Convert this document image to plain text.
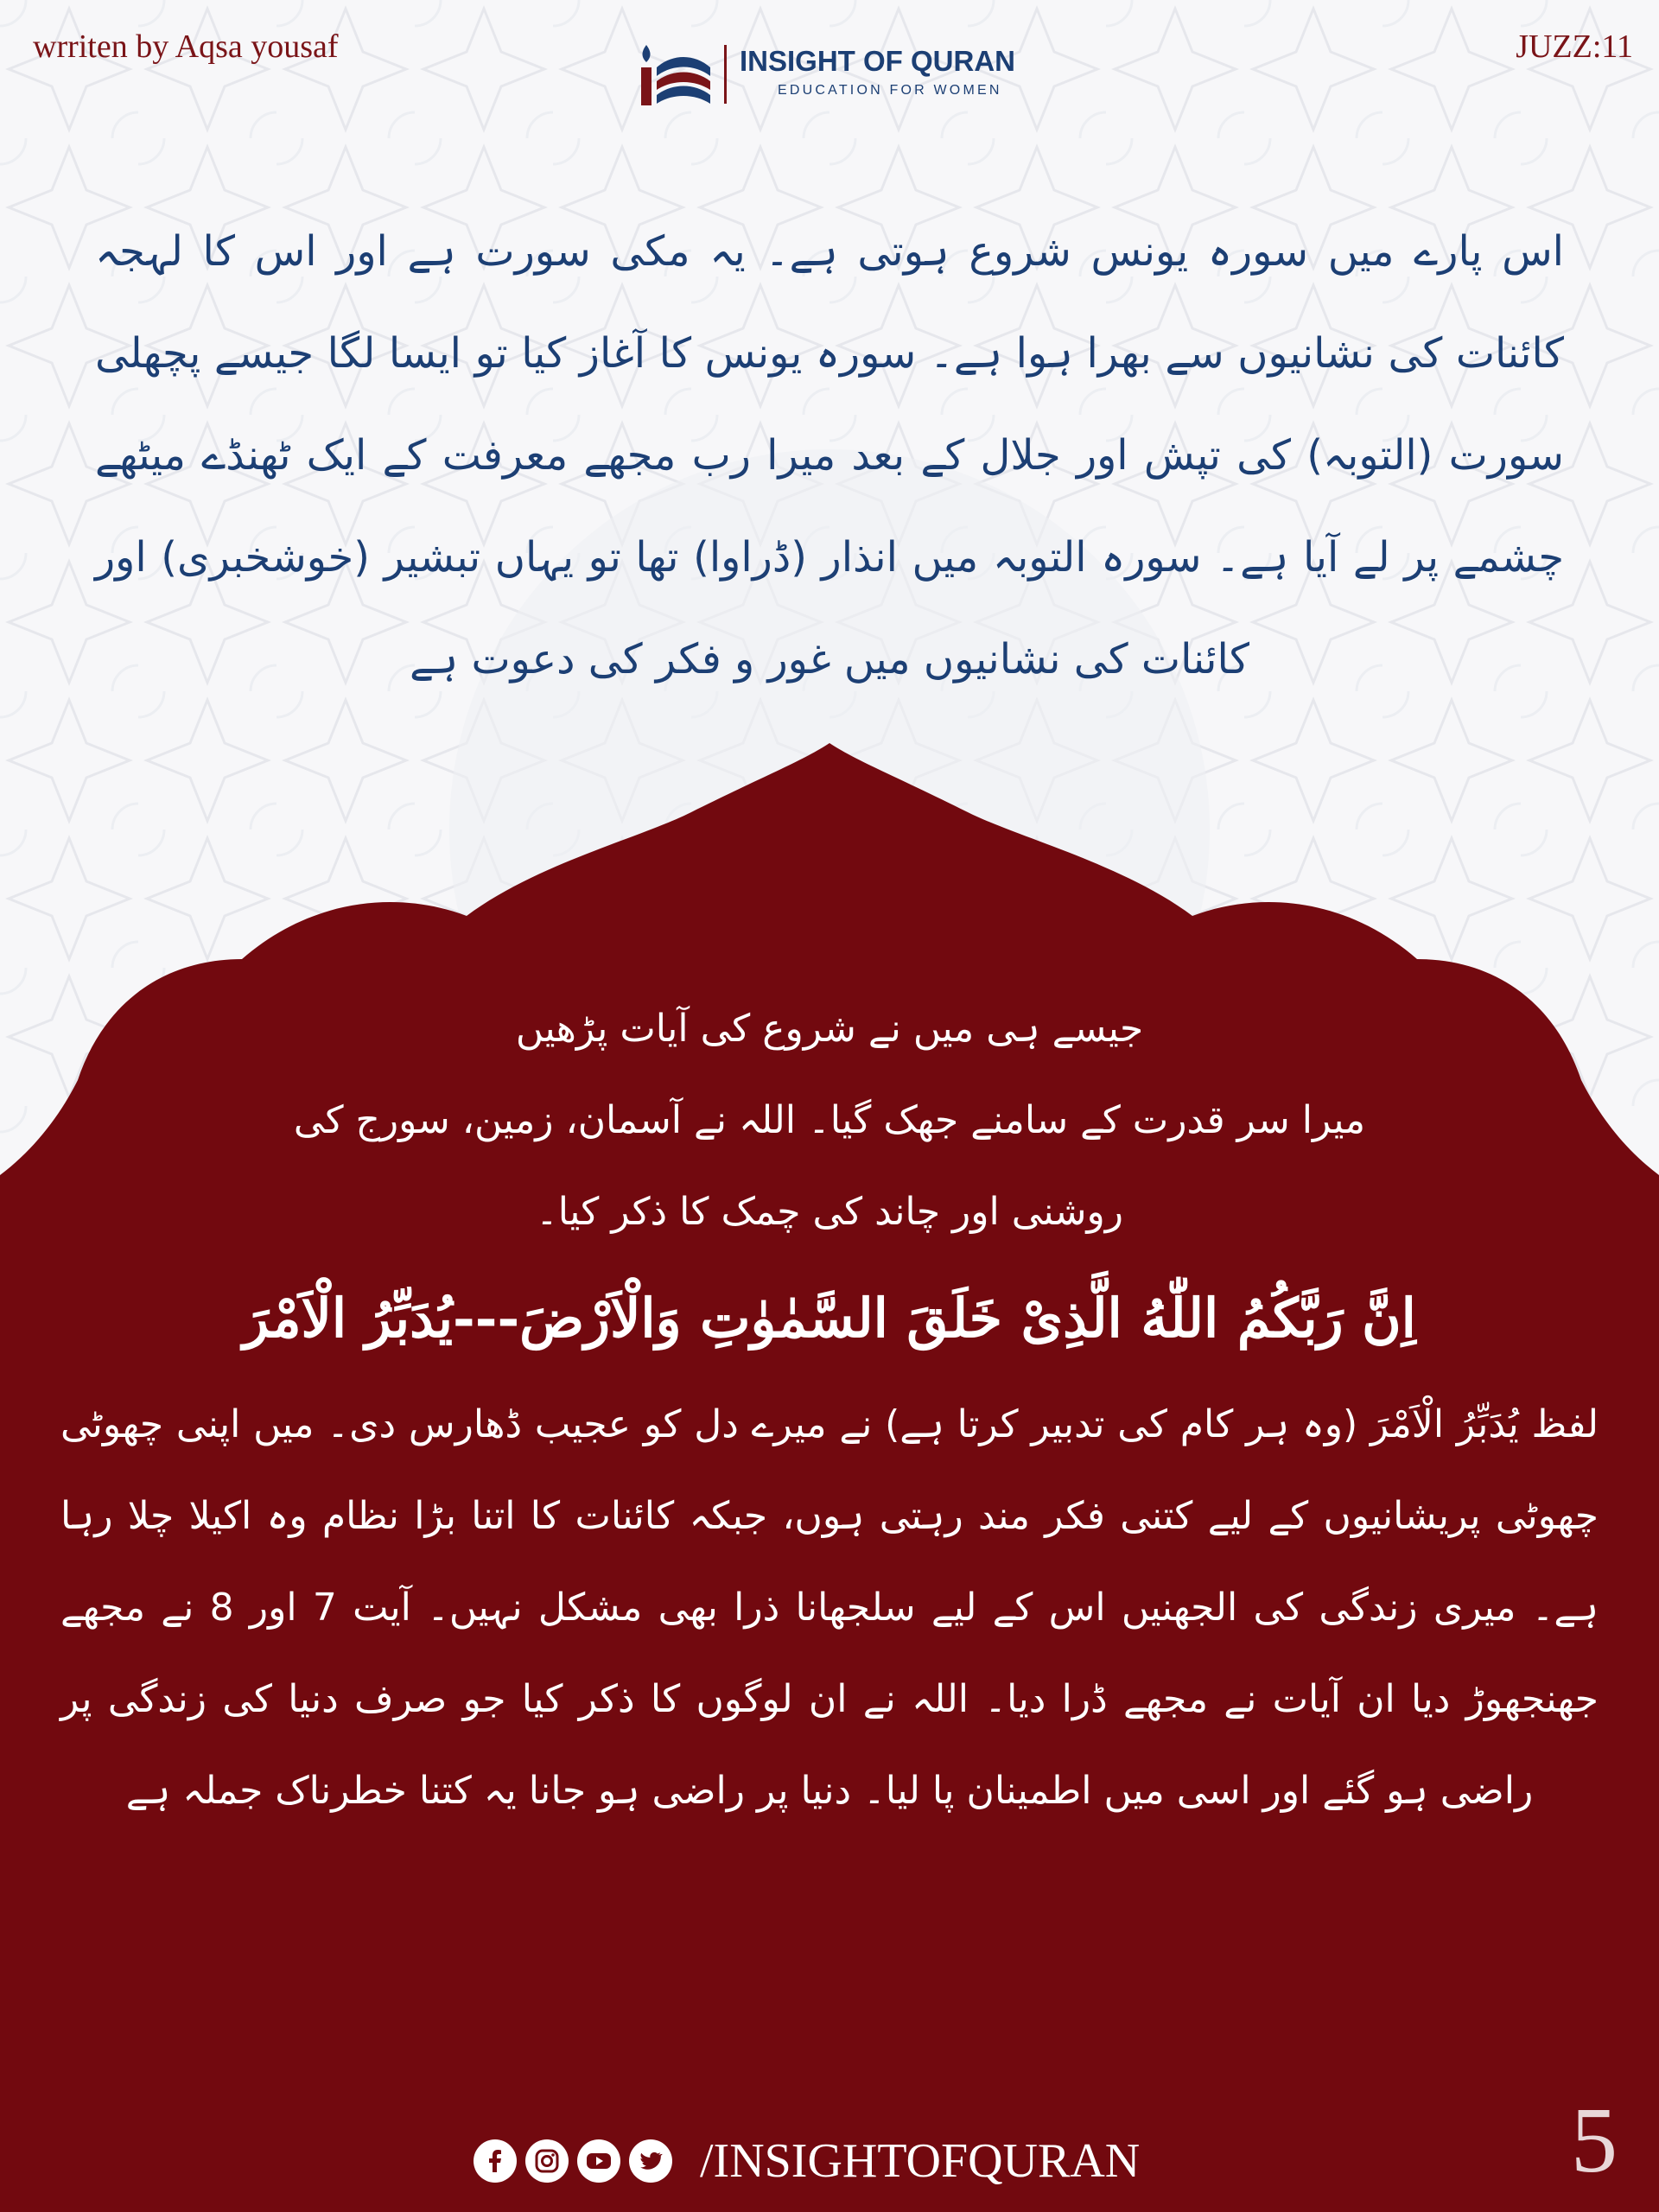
wrriten by Aqsa yousaf	JUZZ:11
INSIGHT OF QURAN
EDUCATION FOR WOMEN
اس پارے میں سورہ یونس شروع ہوتی ہے۔ یہ مکی سورت ہے اور اس کا لہجہ کائنات کی نشانیوں سے بھرا ہوا ہے۔ سورہ یونس کا آغاز کیا تو ایسا لگا جیسے پچھلی سورت (التوبہ) کی تپش اور جلال کے بعد میرا رب مجھے معرفت کے ایک ٹھنڈے میٹھے چشمے پر لے آیا ہے۔ سورہ التوبہ میں انذار (ڈراوا) تھا تو یہاں تبشیر (خوشخبری) اور کائنات کی نشانیوں میں غور و فکر کی دعوت ہے

جیسے ہی میں نے شروع کی آیات پڑھیں

میرا سر قدرت کے سامنے جھک گیا۔ اللہ نے آسمان، زمین، سورج کی

روشنی اور چاند کی چمک کا ذکر کیا۔

اِنَّ رَبَّكُمُ اللّٰهُ الَّذِیْ خَلَقَ السَّمٰوٰتِ وَالْاَرْضَ---یُدَبِّرُ الْاَمْرَ

لفظ یُدَبِّرُ الْاَمْرَ (وہ ہر کام کی تدبیر کرتا ہے) نے میرے دل کو عجیب ڈھارس دی۔ میں اپنی چھوٹی چھوٹی پریشانیوں کے لیے کتنی فکر مند رہتی ہوں، جبکہ کائنات کا اتنا بڑا نظام وہ اکیلا چلا رہا ہے۔ میری زندگی کی الجھنیں اس کے لیے سلجھانا ذرا بھی مشکل نہیں۔ آیت 7 اور 8 نے مجھے جھنجھوڑ دیا ان آیات نے مجھے ڈرا دیا۔ اللہ نے ان لوگوں کا ذکر کیا جو صرف دنیا کی زندگی پر راضی ہو گئے اور اسی میں اطمینان پا لیا۔ دنیا پر راضی ہو جانا یہ کتنا خطرناک جملہ ہے

/INSIGHTOFQURAN	5
